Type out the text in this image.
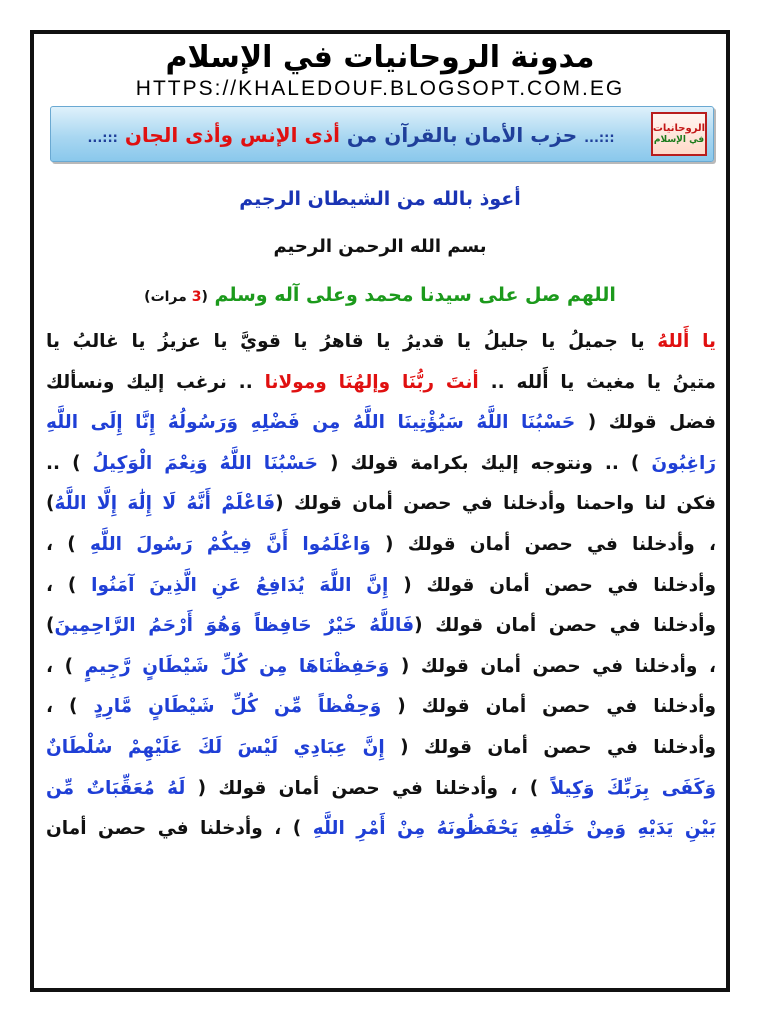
مدونة الروحانيات في الإسلام
HTTPS://KHALEDOUF.BLOGSOPT.COM.EG
الروحانيات
في الإسلام
:::... حزب الأمان بالقرآن من أذى الإنس وأذى الجان :::...
أعوذ بالله من الشيطان الرجيم
بسم الله الرحمن الرحيم
اللهم صل على سيدنا محمد وعلى آله وسلم (3 مرات)
يا أَللهُ يا جميلُ يا جليلُ يا قديرُ يا قاهرُ يا قويَّ يا عزيزُ يا غالبُ يا
متينُ يا مغيث يا أَلله .. أنتَ ربُّنَا وإلهُنَا ومولانا .. نرغب إليك ونسألك
فضل قولك ( حَسْبُنَا اللَّهُ سَيُؤْتِينَا اللَّهُ مِن فَضْلِهِ وَرَسُولُهُ إِنَّا إِلَى اللَّهِ
رَاغِبُونَ ) .. ونتوجه إليك بكرامة قولك ( حَسْبُنَا اللَّهُ وَنِعْمَ الْوَكِيلُ ) ..
فكن لنا واحمنا وأدخلنا في حصن أمان قولك (فَاعْلَمْ أَنَّهُ لَا إِلَٰهَ إِلَّا اللَّهُ)
، وأدخلنا في حصن أمان قولك ( وَاعْلَمُوا أَنَّ فِيكُمْ رَسُولَ اللَّهِ ) ،
وأدخلنا في حصن أمان قولك ( إِنَّ اللَّهَ يُدَافِعُ عَنِ الَّذِينَ آمَنُوا ) ،
وأدخلنا في حصن أمان قولك (فَاللَّهُ خَيْرٌ حَافِظاً وَهُوَ أَرْحَمُ الرَّاحِمِينَ)
، وأدخلنا في حصن أمان قولك ( وَحَفِظْنَاهَا مِن كُلِّ شَيْطَانٍ رَّجِيمٍ ) ،
وأدخلنا في حصن أمان قولك ( وَحِفْظاً مِّن كُلِّ شَيْطَانٍ مَّارِدٍ ) ،
وأدخلنا في حصن أمان قولك ( إِنَّ عِبَادِي لَيْسَ لَكَ عَلَيْهِمْ سُلْطَانٌ
وَكَفَى بِرَبِّكَ وَكِيلاً ) ، وأدخلنا في حصن أمان قولك ( لَهُ مُعَقِّبَاتٌ مِّن
بَيْنِ يَدَيْهِ وَمِنْ خَلْفِهِ يَحْفَظُونَهُ مِنْ أَمْرِ اللَّهِ ) ، وأدخلنا في حصن أمان
